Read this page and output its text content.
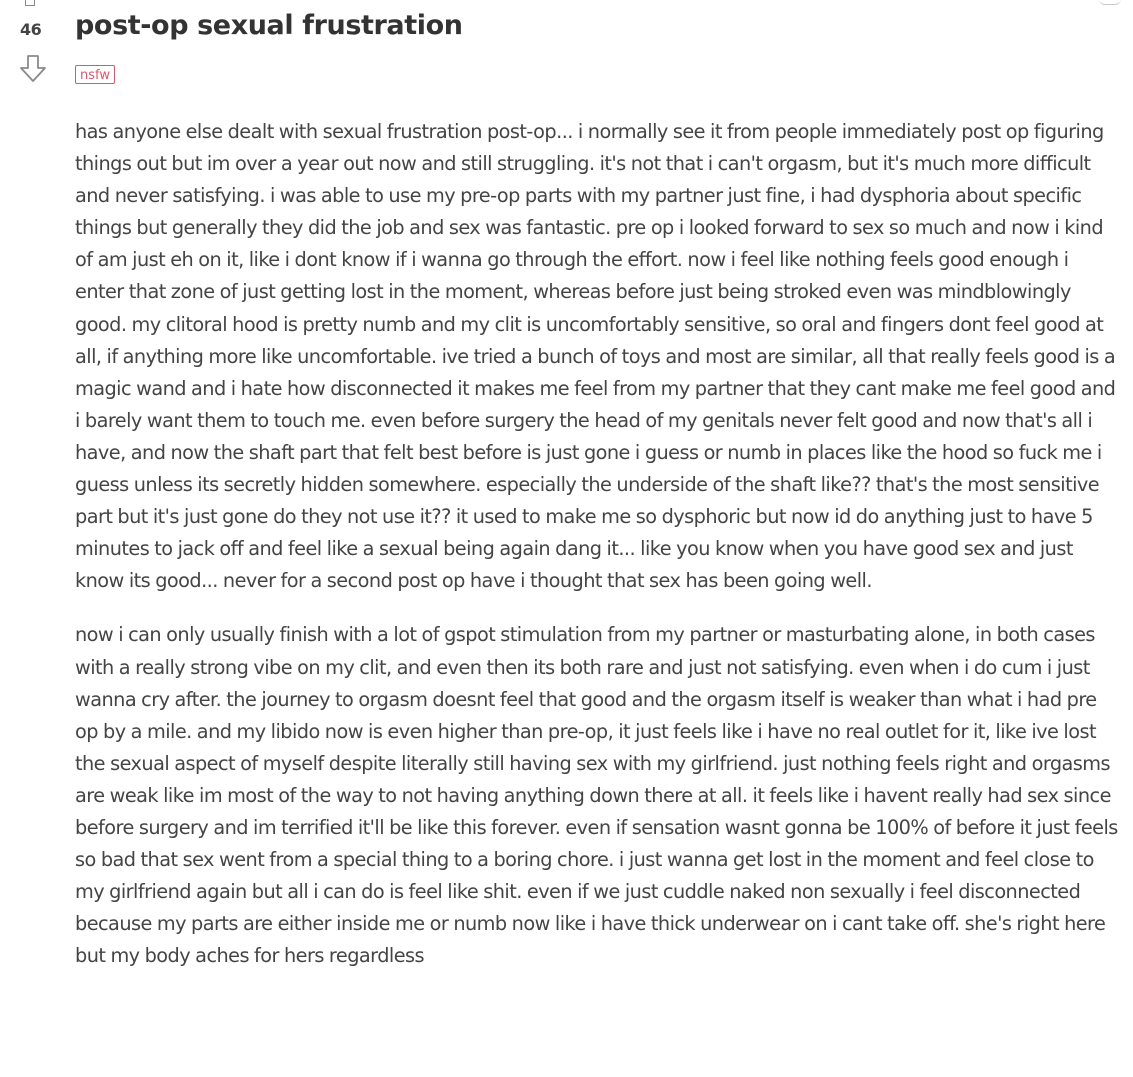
46 post-op sexual frustration
nsfw

has anyone else dealt with sexual frustration post-op... i normally see it from people immediately post op figuring things out but im over a year out now and still struggling. it's not that i can't orgasm, but it's much more difficult and never satisfying. i was able to use my pre-op parts with my partner just fine, i had dysphoria about specific things but generally they did the job and sex was fantastic. pre op i looked forward to sex so much and now i kind of am just eh on it, like i dont know if i wanna go through the effort. now i feel like nothing feels good enough i enter that zone of just getting lost in the moment, whereas before just being stroked even was mindblowingly good. my clitoral hood is pretty numb and my clit is uncomfortably sensitive, so oral and fingers dont feel good at all, if anything more like uncomfortable. ive tried a bunch of toys and most are similar, all that really feels good is a magic wand and i hate how disconnected it makes me feel from my partner that they cant make me feel good and i barely want them to touch me. even before surgery the head of my genitals never felt good and now that's all i have, and now the shaft part that felt best before is just gone i guess or numb in places like the hood so fuck me i guess unless its secretly hidden somewhere. especially the underside of the shaft like?? that's the most sensitive part but it's just gone do they not use it?? it used to make me so dysphoric but now id do anything just to have 5 minutes to jack off and feel like a sexual being again dang it... like you know when you have good sex and just know its good... never for a second post op have i thought that sex has been going well.

now i can only usually finish with a lot of gspot stimulation from my partner or masturbating alone, in both cases with a really strong vibe on my clit, and even then its both rare and just not satisfying. even when i do cum i just wanna cry after. the journey to orgasm doesnt feel that good and the orgasm itself is weaker than what i had pre op by a mile. and my libido now is even higher than pre-op, it just feels like i have no real outlet for it, like ive lost the sexual aspect of myself despite literally still having sex with my girlfriend. just nothing feels right and orgasms are weak like im most of the way to not having anything down there at all. it feels like i havent really had sex since before surgery and im terrified it'll be like this forever. even if sensation wasnt gonna be 100% of before it just feels so bad that sex went from a special thing to a boring chore. i just wanna get lost in the moment and feel close to my girlfriend again but all i can do is feel like shit. even if we just cuddle naked non sexually i feel disconnected because my parts are either inside me or numb now like i have thick underwear on i cant take off. she's right here but my body aches for hers regardless
